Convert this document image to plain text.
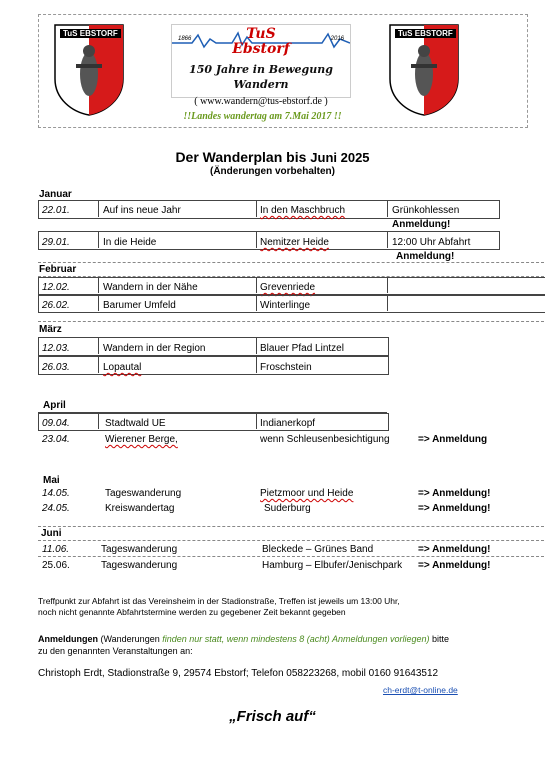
TuS EBSTORF	TuS EBSTORF
1866	2016
TuS
Ebstorf
150 Jahre in Bewegung
Wandern
( www.wandern@tus-ebstorf.de )
!!Landes wandertag am 7.Mai 2017 !!
Der Wanderplan bis Juni 2025
(Änderungen vorbehalten)
Januar
22.01.	Auf ins neue Jahr	In den Maschbruch	Grünkohlessen
Anmeldung!
29.01.	In die Heide	Nemitzer Heide	12:00 Uhr Abfahrt
Anmeldung!
Februar
12.02.	Wandern in der Nähe	Grevenriede
26.02.	Barumer Umfeld	Winterlinge
März
12.03.	Wandern in der Region	Blauer Pfad Lintzel
26.03.	Lopautal	Froschstein
April
09.04.	Stadtwald UE	Indianerkopf
23.04.	Wierener Berge,	wenn Schleusenbesichtigung	=> Anmeldung
Mai
14.05.	Tageswanderung	Pietzmoor und Heide	=> Anmeldung!
24.05.	Kreiswandertag	Suderburg	=> Anmeldung!
Juni
11.06.	Tageswanderung	Bleckede – Grünes Band	=> Anmeldung!
25.06.	Tageswanderung	Hamburg – Elbufer/Jenischpark => Anmeldung!
Treffpunkt zur Abfahrt ist das Vereinsheim in der Stadionstraße, Treffen ist jeweils um 13:00 Uhr,
noch nicht genannte Abfahrtstermine werden zu gegebener Zeit bekannt gegeben
Anmeldungen (Wanderungen finden nur statt, wenn mindestens 8 (acht) Anmeldungen vorliegen) bitte
zu den genannten Veranstaltungen an:
Christoph Erdt, Stadionstraße 9, 29574 Ebstorf; Telefon 058223268, mobil 0160 91643512
ch-erdt@t-online.de
„Frisch auf“
